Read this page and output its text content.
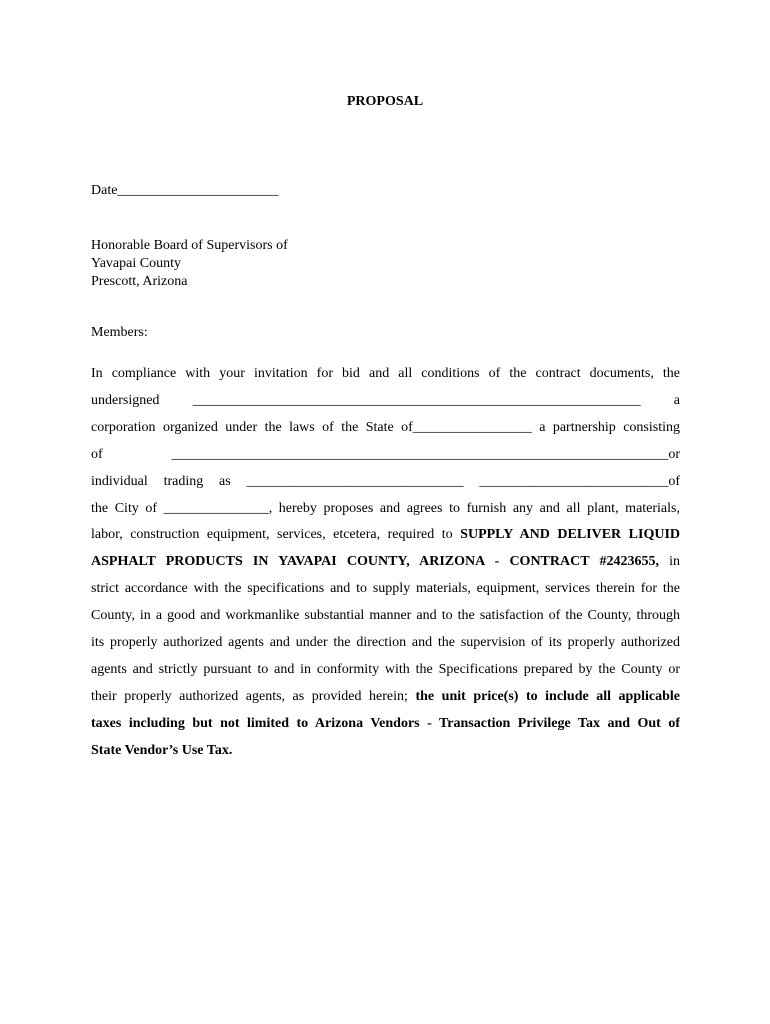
PROPOSAL
Date_______________________
Honorable Board of Supervisors of
Yavapai County
Prescott, Arizona
Members:
In compliance with your invitation for bid and all conditions of the contract documents, the
undersigned ________________________________________________________________ a
corporation organized under the laws of the State of_________________ a partnership consisting
of _______________________________________________________________________or
individual trading as _______________________________ ___________________________of
the City of _______________, hereby proposes and agrees to furnish any and all plant, materials,
labor, construction equipment, services, etcetera, required to SUPPLY AND DELIVER LIQUID
ASPHALT PRODUCTS IN YAVAPAI COUNTY, ARIZONA - CONTRACT #2423655, in
strict accordance with the specifications and to supply materials, equipment, services therein for the
County, in a good and workmanlike substantial manner and to the satisfaction of the County, through
its properly authorized agents and under the direction and the supervision of its properly authorized
agents and strictly pursuant to and in conformity with the Specifications prepared by the County or
their properly authorized agents, as provided herein; the unit price(s) to include all applicable
taxes including but not limited to Arizona Vendors - Transaction Privilege Tax and Out of
State Vendor’s Use Tax.
